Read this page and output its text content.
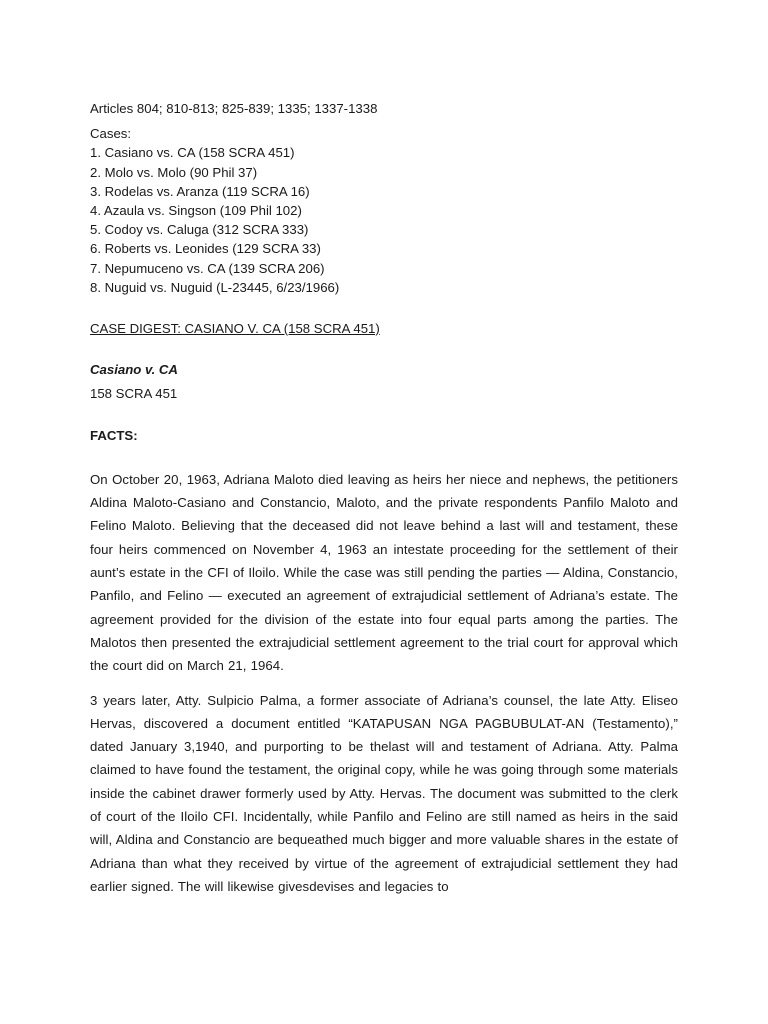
Articles 804; 810-813; 825-839; 1335; 1337-1338
Cases:
1. Casiano vs. CA (158 SCRA 451)
2. Molo vs. Molo (90 Phil 37)
3. Rodelas vs. Aranza (119 SCRA 16)
4. Azaula vs. Singson (109 Phil 102)
5. Codoy vs. Caluga (312 SCRA 333)
6. Roberts vs. Leonides (129 SCRA 33)
7. Nepumuceno vs. CA (139 SCRA 206)
8. Nuguid vs. Nuguid (L-23445, 6/23/1966)
CASE DIGEST: CASIANO V. CA (158 SCRA 451)
Casiano v. CA
158 SCRA 451
FACTS:

On October 20, 1963, Adriana Maloto died leaving as heirs her niece and nephews, the petitioners Aldina Maloto-Casiano and Constancio, Maloto, and the private respondents Panfilo Maloto and Felino Maloto. Believing that the deceased did not leave behind a last will and testament, these four heirs commenced on November 4, 1963 an intestate proceeding for the settlement of their aunt’s estate in the CFI of Iloilo. While the case was still pending the parties — Aldina, Constancio, Panfilo, and Felino — executed an agreement of extrajudicial settlement of Adriana’s estate. The agreement provided for the division of the estate into four equal parts among the parties. The Malotos then presented the extrajudicial settlement agreement to the trial court for approval which the court did on March 21, 1964.

3 years later, Atty. Sulpicio Palma, a former associate of Adriana’s counsel, the late Atty. Eliseo Hervas, discovered a document entitled “KATAPUSAN NGA PAGBUBULAT-AN (Testamento),” dated January 3,1940, and purporting to be thelast will and testament of Adriana. Atty. Palma claimed to have found the testament, the original copy, while he was going through some materials inside the cabinet drawer formerly used by Atty. Hervas. The document was submitted to the clerk of court of the Iloilo CFI. Incidentally, while Panfilo and Felino are still named as heirs in the said will, Aldina and Constancio are bequeathed much bigger and more valuable shares in the estate of Adriana than what they received by virtue of the agreement of extrajudicial settlement they had earlier signed. The will likewise givesdevises and legacies to
